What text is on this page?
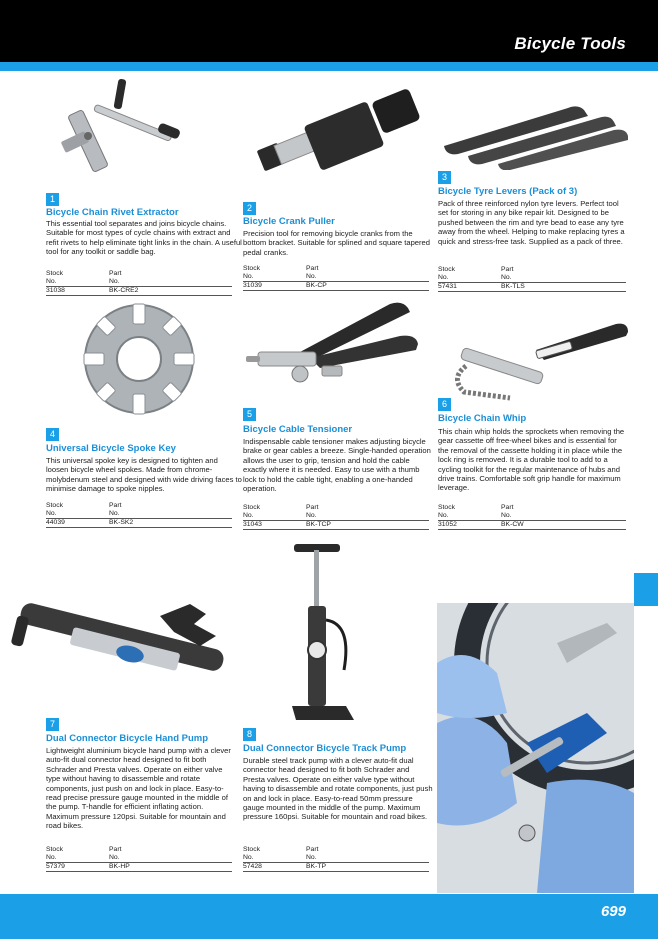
Bicycle Tools
1
Bicycle Chain Rivet Extractor
This essential tool separates and joins bicycle chains. Suitable for most types of cycle chains with extract and refit rivets to help eliminate tight links in the chain. A useful tool for any toolkit or saddle bag.
Stock	Part
No.	No.
31038	BK-CRE2
2
Bicycle Crank Puller
Precision tool for removing bicycle cranks from the bottom bracket. Suitable for splined and square tapered pedal cranks.
Stock	Part
No.	No.
31039	BK-CP
3
Bicycle Tyre Levers (Pack of 3)
Pack of three reinforced nylon tyre levers. Perfect tool set for storing in any bike repair kit. Designed to be pushed between the rim and tyre bead to ease any tyre away from the wheel. Helping to make replacing tyres a quick and stress-free task. Supplied as a pack of three.
Stock	Part
No.	No.
57431	BK-TLS
4
Universal Bicycle Spoke Key
This universal spoke key is designed to tighten and loosen bicycle wheel spokes. Made from chrome-molybdenum steel and designed with wide driving faces to minimise damage to spoke nipples.
Stock	Part
No.	No.
44039	BK-SK2
5
Bicycle Cable Tensioner
Indispensable cable tensioner makes adjusting bicycle brake or gear cables a breeze. Single-handed operation allows the user to grip, tension and hold the cable exactly where it is needed. Easy to use with a thumb lock to hold the cable tight, enabling a one-handed operation.
Stock	Part
No.	No.
31043	BK-TCP
6
Bicycle Chain Whip
This chain whip holds the sprockets when removing the gear cassette off free-wheel bikes and is essential for the removal of the cassette holding it in place while the lock ring is removed. It is a durable tool to add to a cycling toolkit for the regular maintenance of hubs and drive trains. Comfortable soft grip handle for maximum leverage.
Stock	Part
No.	No.
31052	BK-CW
7
Dual Connector Bicycle Hand Pump
Lightweight aluminium bicycle hand pump with a clever auto-fit dual connector head designed to fit both Schrader and Presta valves. Operate on either valve type without having to disassemble and rotate components, just push on and lock in place. Easy-to-read precise pressure gauge mounted in the middle of the pump. T-handle for efficient inflating action. Maximum pressure 120psi. Suitable for mountain and road bikes.
Stock	Part
No.	No.
57379	BK-HP
8
Dual Connector Bicycle Track Pump
Durable steel track pump with a clever auto-fit dual connector head designed to fit both Schrader and Presta valves. Operate on either valve type without having to disassemble and rotate components, just push on and lock in place. Easy-to-read 50mm pressure gauge mounted in the middle of the pump. Maximum pressure 160psi. Suitable for mountain and road bikes.
Stock	Part
No.	No.
57428	BK-TP
699
